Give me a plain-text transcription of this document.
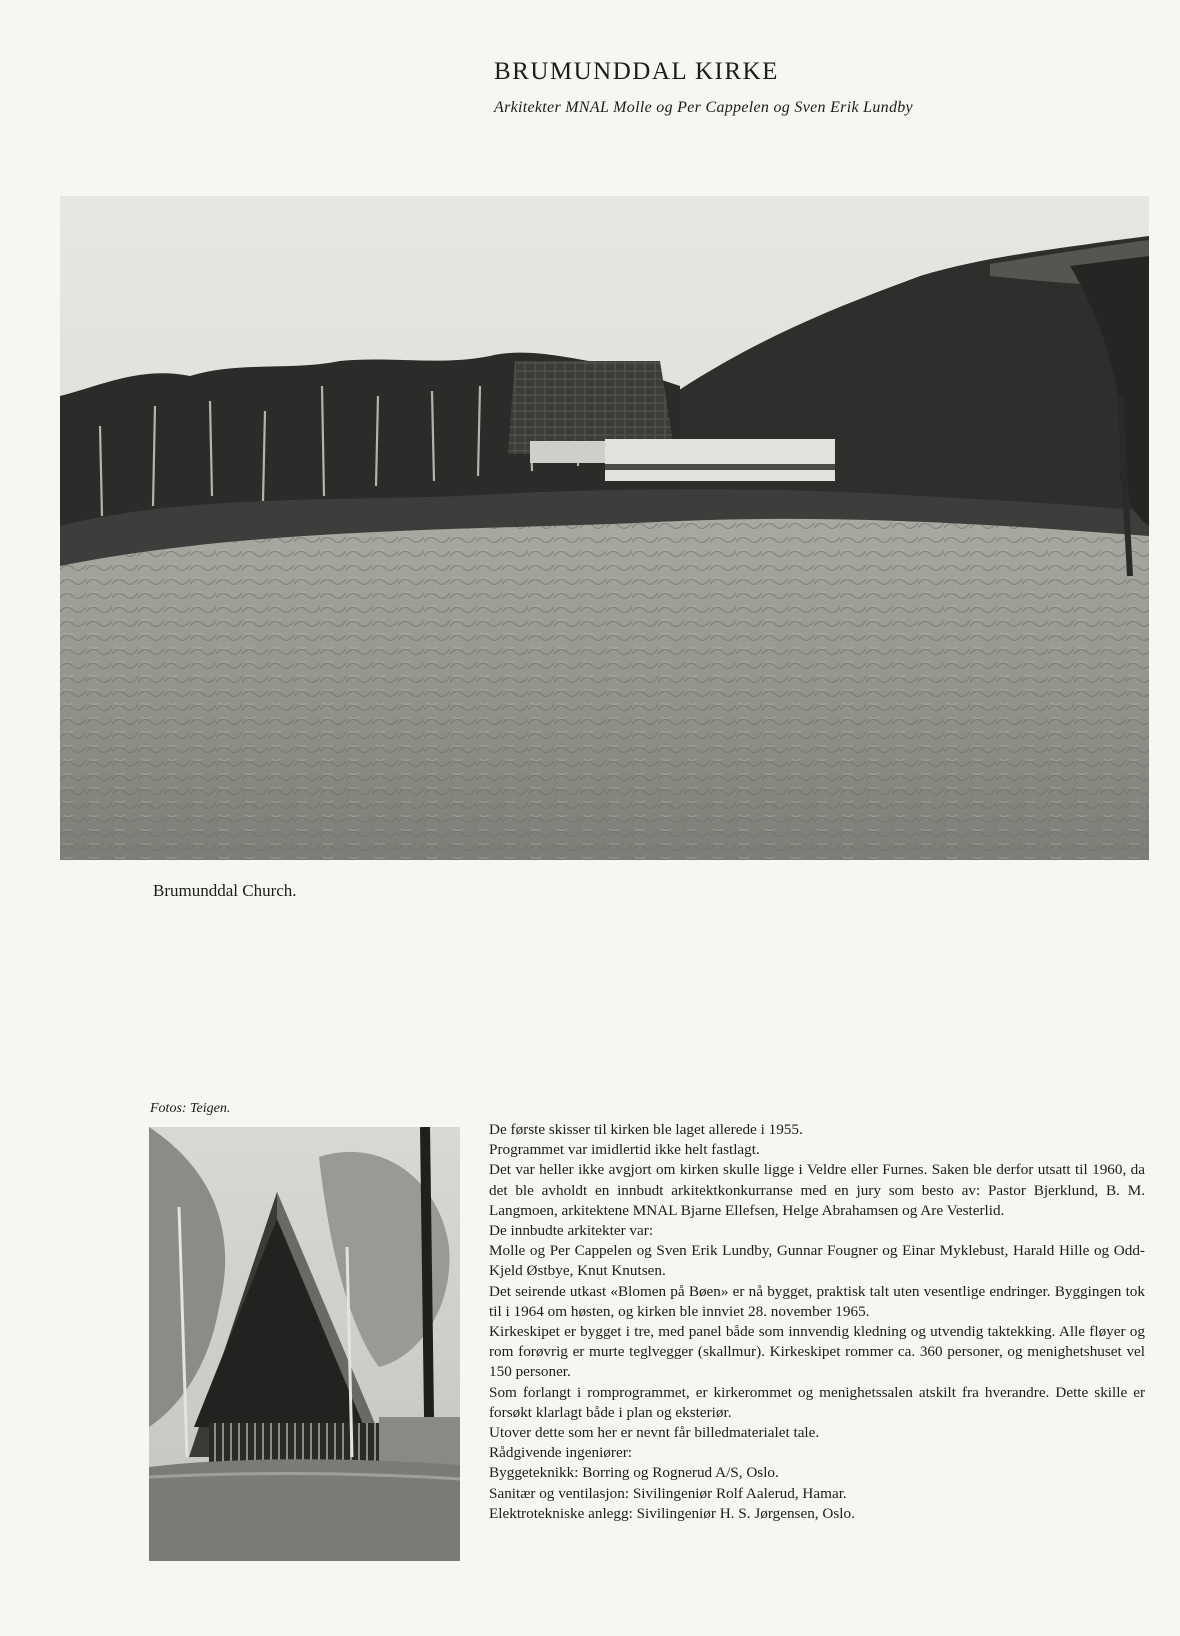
BRUMUNDDAL KIRKE
Arkitekter MNAL Molle og Per Cappelen og Sven Erik Lundby
Brumunddal Church.
Fotos: Teigen.

De første skisser til kirken ble laget allerede i 1955.

Programmet var imidlertid ikke helt fastlagt.

Det var heller ikke avgjort om kirken skulle ligge i Veldre eller Furnes. Saken ble derfor utsatt til 1960, da det ble avholdt en innbudt arkitektkonkurranse med en jury som besto av: Pastor Bjerklund, B. M. Langmoen, arkitektene MNAL Bjarne Ellefsen, Helge Abrahamsen og Are Vesterlid.

De innbudte arkitekter var:

Molle og Per Cappelen og Sven Erik Lundby, Gunnar Fougner og Einar Myklebust, Harald Hille og Odd-Kjeld Østbye, Knut Knutsen.

Det seirende utkast «Blomen på Bøen» er nå bygget, praktisk talt uten vesentlige endringer. Byggingen tok til i 1964 om høsten, og kirken ble innviet 28. november 1965.

Kirkeskipet er bygget i tre, med panel både som innvendig kledning og utvendig taktekking. Alle fløyer og rom forøvrig er murte teglvegger (skallmur). Kirkeskipet rommer ca. 360 personer, og menighetshuset vel 150 personer.

Som forlangt i romprogrammet, er kirkerommet og menighetssalen atskilt fra hverandre. Dette skille er forsøkt klarlagt både i plan og eksteriør.

Utover dette som her er nevnt får billedmaterialet tale.

Rådgivende ingeniører:

Byggeteknikk: Borring og Rognerud A/S, Oslo.

Sanitær og ventilasjon: Sivilingeniør Rolf Aalerud, Hamar.

Elektrotekniske anlegg: Sivilingeniør H. S. Jørgensen, Oslo.
